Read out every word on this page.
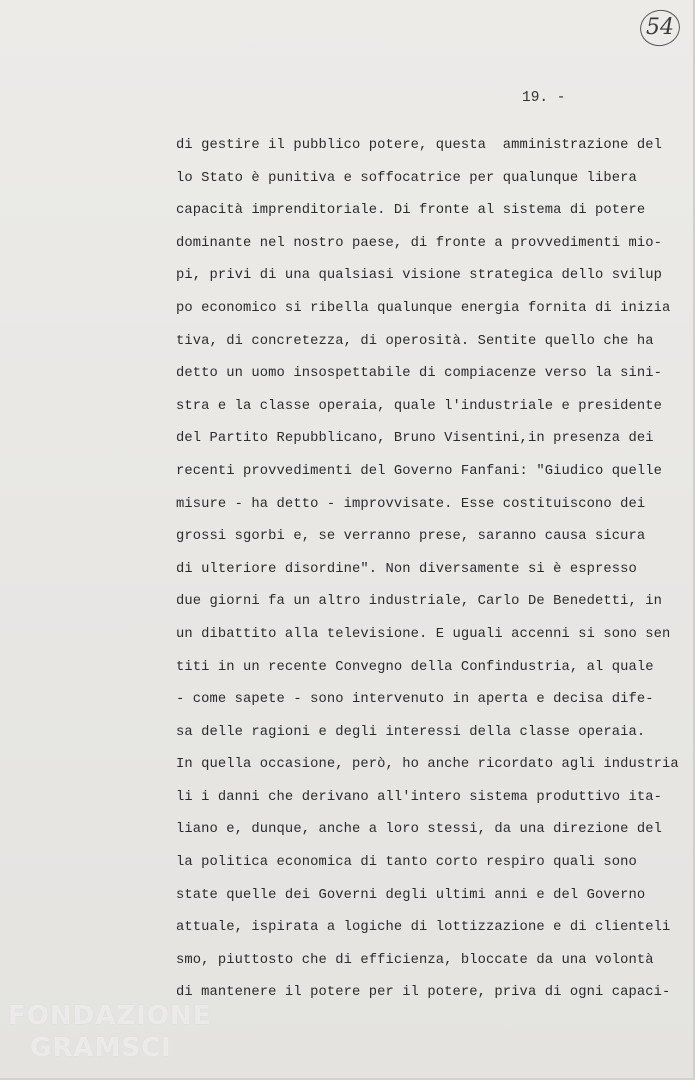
54
19. -
di gestire il pubblico potere, questa  amministrazione del
lo Stato è punitiva e soffocatrice per qualunque libera
capacità imprenditoriale. Di fronte al sistema di potere
dominante nel nostro paese, di fronte a provvedimenti mio-
pi, privi di una qualsiasi visione strategica dello svilup
po economico si ribella qualunque energia fornita di inizia
tiva, di concretezza, di operosità. Sentite quello che ha
detto un uomo insospettabile di compiacenze verso la sini-
stra e la classe operaia, quale l'industriale e presidente
del Partito Repubblicano, Bruno Visentini,in presenza dei
recenti provvedimenti del Governo Fanfani: "Giudico quelle
misure - ha detto - improvvisate. Esse costituiscono dei
grossi sgorbi e, se verranno prese, saranno causa sicura
di ulteriore disordine". Non diversamente si è espresso
due giorni fa un altro industriale, Carlo De Benedetti, in
un dibattito alla televisione. E uguali accenni si sono sen
titi in un recente Convegno della Confindustria, al quale
- come sapete - sono intervenuto in aperta e decisa dife-
sa delle ragioni e degli interessi della classe operaia.
In quella occasione, però, ho anche ricordato agli industria
li i danni che derivano all'intero sistema produttivo ita-
liano e, dunque, anche a loro stessi, da una direzione del
la politica economica di tanto corto respiro quali sono
state quelle dei Governi degli ultimi anni e del Governo
attuale, ispirata a logiche di lottizzazione e di clienteli
smo, piuttosto che di efficienza, bloccate da una volontà
di mantenere il potere per il potere, priva di ogni capaci-
FONDAZIONE
GRAMSCI
